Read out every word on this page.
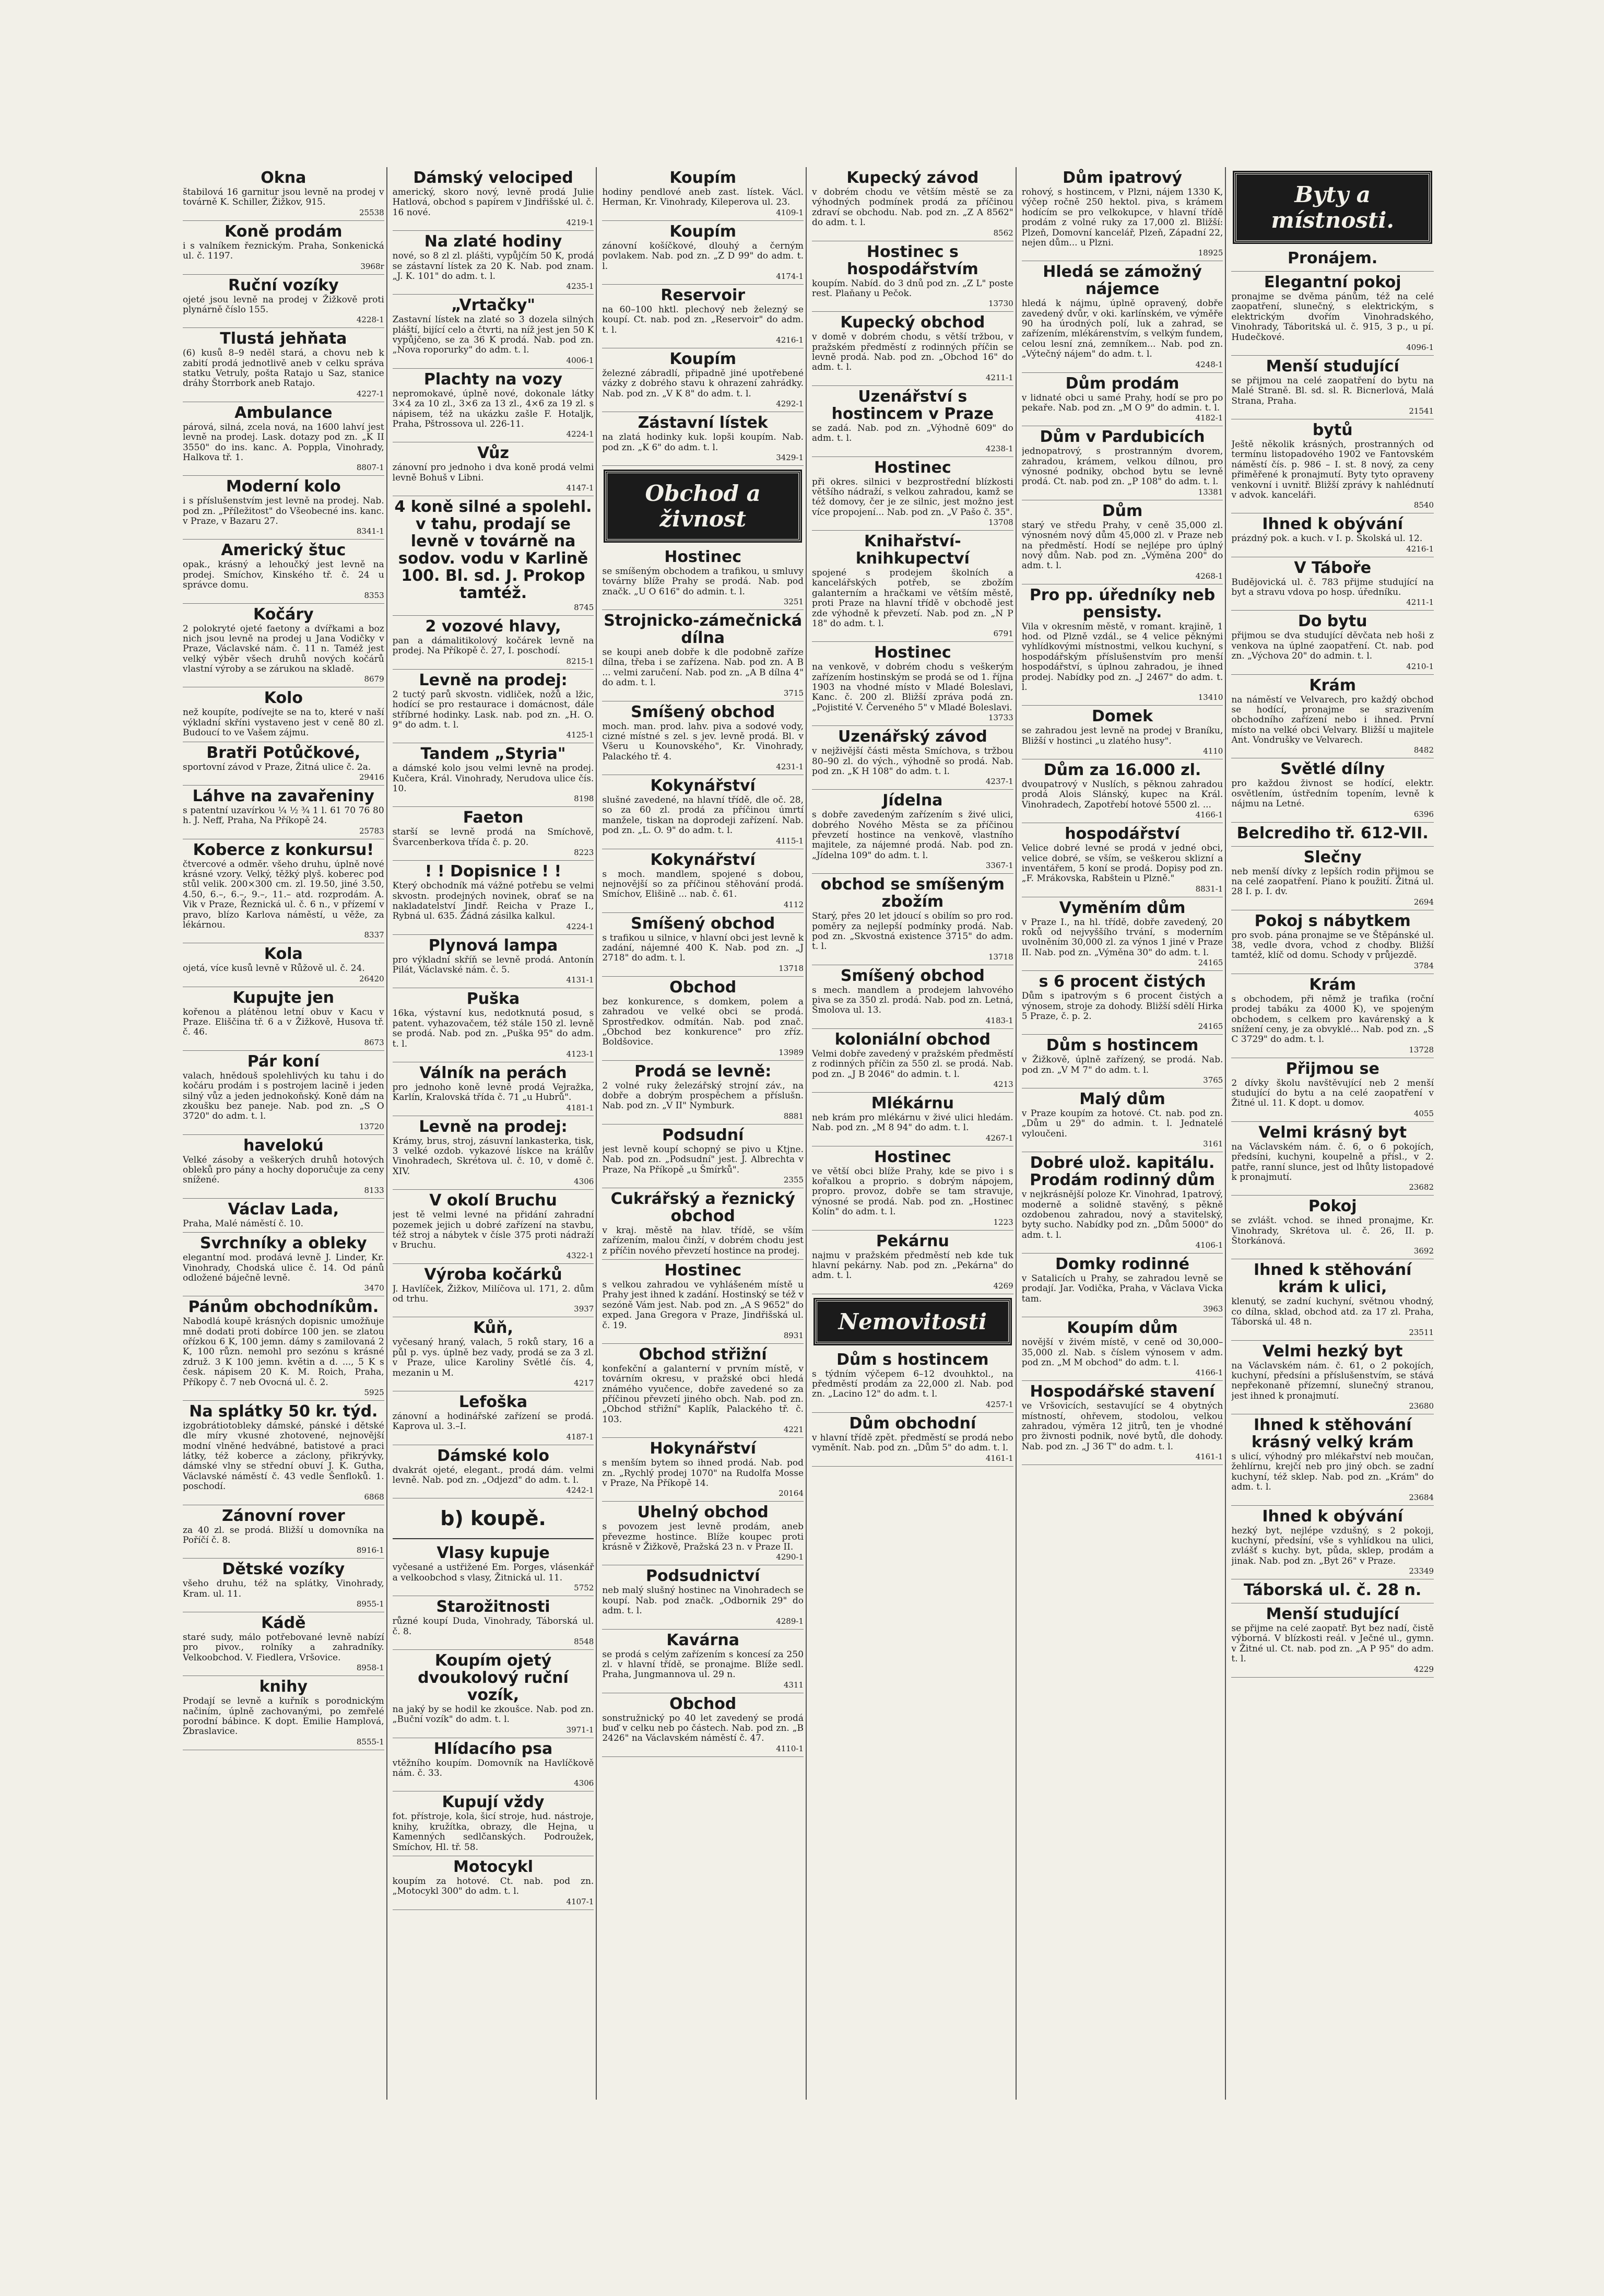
Okna

štabilová 16 garnitur jsou levně na prodej v továrně K. Schiller, Žižkov, 915.

25538

Koně prodám

i s valníkem řeznickým. Praha, Sonkenická ul. č. 1197.

3968r

Ruční vozíky

ojeté jsou levně na prodej v Žižkově proti plynárně číslo 155.

4228-1

Tlustá jehňata

(6) kusů 8–9 neděl stará, a chovu neb k zabití prodá jednotlivě aneb v celku správa statku Vetruly, pošta Ratajo u Saz, stanice dráhy Štorrbork aneb Ratajo.

4227-1

Ambulance

párová, silná, zcela nová, na 1600 lahví jest levně na prodej. Lask. dotazy pod zn. „K II 3550" do ins. kanc. A. Poppla, Vinohrady, Halkova tř. 1.

8807-1

Moderní kolo

i s příslušenstvím jest levně na prodej. Nab. pod zn. „Příležitost" do Všeobecné ins. kanc. v Praze, v Bazaru 27.

8341-1

Americký štuc

opak., krásný a lehoučký jest levně na prodej. Smíchov, Kinského tř. č. 24 u správce domu.

8353

Kočáry

2 polokryté ojeté faetony a dvířkami a boz nich jsou levně na prodej u Jana Vodičky v Praze, Václavské nám. č. 11 n. Taméž jest velký výběr všech druhů nových kočárů vlastní výroby a se zárukou na skladě.

8679

Kolo

než koupíte, podívejte se na to, které v naší výkladní skříni vystaveno jest v ceně 80 zl. Budoucí to ve Vašem zájmu.

Bratři Potůčkové,

sportovní závod v Praze, Žitná ulice č. 2a.

29416

Láhve na zavařeniny

s patentní uzavírkou ¼ ½ ¾ 1 l. 61 70 76 80 h. J. Neff, Praha, Na Příkopě 24.

25783

Koberce z konkursu!

čtvercové a odměr. všeho druhu, úplně nové krásné vzory. Velký, těžký plyš. koberec pod stůl velik. 200×300 cm. zl. 19.50, jiné 3.50, 4.50, 6.–, 6.–, 9.–, 11.– atd. rozprodám. A. Vik v Praze, Řeznická ul. č. 6 n., v přízemí v pravo, blízo Karlova náměstí, u věže, za lékárnou.

8337

Kola

ojetá, více kusů levně v Růžově ul. č. 24.

26420

Kupujte jen

kořenou a plátěnou letní obuv v Kacu v Praze. Eliščina tř. 6 a v Žižkově, Husova tř. č. 46.

8673

Pár koní

valach, hnědouš spolehlivých ku tahu i do kočáru prodám i s postrojem lacině i jeden silný vůz a jeden jednokoňský. Koně dám na zkoušku bez paneje. Nab. pod zn. „S O 3720" do adm. t. l.

13720

havelokú

Velké zásoby a veškerých druhů hotových obleků pro pány a hochy doporučuje za ceny snížené.

8133

Václav Lada,

Praha, Malé náměstí č. 10.

Svrchníky a obleky

elegantní mod. prodává levně J. Linder, Kr. Vinohrady, Chodská ulice č. 14. Od pánů odložené báječně levně.

3470

Pánům obchodníkům.

Nabodlá koupě krásných dopisnic umožňuje mně dodati proti dobírce 100 jen. se zlatou ořízkou 6 K, 100 jemn. dámy s zamilovaná 2 K, 100 různ. nemohl pro sezónu s krásné združ. 3 K 100 jemn. květin a d. ..., 5 K s česk. nápisem 20 K. M. Roich, Praha, Příkopy č. 7 neb Ovocná ul. č. 2.

5925

Na splátky 50 kr. týd.

izgobrátiotobleky dámské, pánské i dětské dle míry vkusné zhotovené, nejnovější modní vlněné hedvábné, batistové a praci látky, též koberce a záclony, přikrývky, dámské vlny se střední obuví J. K. Gutha, Václavské náměstí č. 43 vedle Šenfloků. 1. poschodí.

6868

Zánovní rover

za 40 zl. se prodá. Bližší u domovníka na Poříčí č. 8.

8916-1

Dětské vozíky

všeho druhu, též na splátky, Vinohrady, Kram. ul. 11.

8955-1

Kádě

staré sudy, málo potřebované levně nabízí pro pivov., rolníky a zahradníky. Velkoobchod. V. Fiedlera, Vršovice.

8958-1

knihy

Prodají se levně a kuřník s porodnickým načiním, úplně zachovanými, po zemřelé porodní bábince. K dopt. Emilie Hamplová, Zbraslavice.

8555-1

Dámský velociped

americký, skoro nový, levně prodá Julie Hatlová, obchod s papírem v Jindřišské ul. č. 16 nové.

4219-1

Na zlaté hodiny

nové, so 8 zl zl. plášti, vypůjčím 50 K, prodá se zástavní lístek za 20 K. Nab. pod znam. „J. K. 101" do adm. t. l.

4235-1

„Vrtačky"

Zastavní lístek na zlaté so 3 dozela silných pláští, bijící celo a čtvrti, na níž jest jen 50 K vypůjčeno, se za 36 K prodá. Nab. pod zn. „Nova roporurky" do adm. t. l.

4006-1

Plachty na vozy

nepromokavé, úplně nové, dokonale látky 3×4 za 10 zl., 3×6 za 13 zl., 4×6 za 19 zl. s nápisem, též na ukázku zašle F. Hotaljk, Praha, Pštrossova ul. 226-11.

4224-1

Vůz

zánovní pro jednoho i dva koně prodá velmi levně Bohuš v Libni.

4147-1

4 koně silné a spolehl. v tahu, prodají se levně v továrně na sodov. vodu v Karlině 100. Bl. sd. J. Prokop tamtéž.

8745

2 vozové hlavy,

pan a dámalitikolový kočárek levně na prodej. Na Příkopě č. 27, I. poschodí.

8215-1

Levně na prodej:

2 tuctý parů skvostn. vidliček, nožů a lžic, hodící se pro restaurace i domácnost, dále stříbrné hodinky. Lask. nab. pod zn. „H. O. 9" do adm. t. l.

4125-1

Tandem „Styria"

a dámské kolo jsou velmi levně na prodej. Kučera, Král. Vinohrady, Nerudova ulice čís. 10.

8198

Faeton

starší se levně prodá na Smíchově, Švarcenberkova třída č. p. 20.

8223

! ! Dopisnice ! !

Který obchodník má vážné potřebu se velmi skvostn. prodejných novinek, obrať se na nakladatelství Jindř. Reicha v Praze I., Rybná ul. 635. Žádná zásilka kalkul.

4224-1

Plynová lampa

pro výkladní skříň se levně prodá. Antonín Pilát, Václavské nám. č. 5.

4131-1

Puška

16ka, výstavní kus, nedotknutá posud, s patent. vyhazovačem, též stále 150 zl. levně se prodá. Nab. pod zn. „Puška 95" do adm. t. l.

4123-1

Válník na perách

pro jednoho koně levně prodá Vejražka, Karlín, Kralovská třída č. 71 „u Hubrů".

4181-1

Levně na prodej:

Krámy, brus, stroj, zásuvní lankasterka, tisk, 3 velké ozdob. vykazové lískce na králův Vinohradech, Skrétova ul. č. 10, v domě č. XIV.

4306

V okolí Bruchu

jest tě velmi levné na přidání zahradní pozemek jejich u dobré zařízení na stavbu, též stroj a nábytek v čísle 375 proti nádraží v Bruchu.

4322-1

Výroba kočárků

J. Havlíček, Žižkov, Milíčova ul. 171, 2. dům od trhu.

3937

Kůň,

vyčesaný hraný, valach, 5 roků stary, 16 a půl p. vys. úplně bez vady, prodá se za 3 zl. v Praze, ulice Karoliny Světlé čís. 4, mezanin u M.

4217

Lefoška

zánovní a hodinářské zařízení se prodá. Kaprova ul. 3.–I.

4187-1

Dámské kolo

dvakrát ojeté, elegant., prodá dám. velmi levně. Nab. pod zn. „Odjezd" do adm. t. l.

4242-1

b) koupě.

Vlasy kupuje

vyčesané a ustřižené Em. Porges, vlásenkář a velkoobchod s vlasy, Žitnická ul. 11.

5752

Starožitnosti

různé koupí Duda, Vinohrady, Táborská ul. č. 8.

8548

Koupím ojetý dvoukolový ruční vozík,

na jaký by se hodil ke zkoušce. Nab. pod zn. „Buční vozík" do adm. t. l.

3971-1

Hlídacího psa

vtěžního koupím. Domovník na Havlíčkově nám. č. 33.

4306

Kupují vždy

fot. přístroje, kola, šicí stroje, hud. nástroje, knihy, kružítka, obrazy, dle Hejna, u Kamenných sedlčanských. Podroužek, Smíchov, Hl. tř. 58.

Motocykl

koupím za hotové. Ct. nab. pod zn. „Motocykl 300" do adm. t. l.

4107-1

Koupím

hodiny pendlové aneb zast. lístek. Václ. Herman, Kr. Vinohrady, Kileperova ul. 23.

4109-1

Koupím

zánovní košíčkové, dlouhý a černým povlakem. Nab. pod zn. „Z D 99" do adm. t. l.

4174-1

Reservoir

na 60–100 hktl. plechový neb železný se koupí. Ct. nab. pod zn. „Reservoir" do adm. t. l.

4216-1

Koupím

železné zábradlí, připadně jiné upotřebené vázky z dobrého stavu k ohrazení zahrádky. Nab. pod zn. „V K 8" do adm. t. l.

4292-1

Zástavní lístek

na zlatá hodinky kuk. lopši koupím. Nab. pod zn. „K 6" do adm. t. l.

3429-1

Obchod a živnost

Hostinec

se smíšeným obchodem a trafikou, u smluvy továrny blíže Prahy se prodá. Nab. pod značk. „U O 616" do admin. t. l.

3251

Strojnicko-zámečnická dílna

se koupi aneb dobře k dle podobně zaříze dílna, třeba i se zařízena. Nab. pod zn. A B ... velmi zaručení. Nab. pod zn. „A B dílna 4" do adm. t. l.

3715

Smíšený obchod

moch. man. prod. lahv. piva a sodové vody, cizné místné s zel. s jev. levně prodá. Bl. v Všeru u Kounovského", Kr. Vinohrady, Palackého tř. 4.

4231-1

Kokynářství

slušné zavedené, na hlavní třídě, dle oč. 28, so za 60 zl. prodá za příčinou úmrtí manžele, tiskan na doprodeji zařízení. Nab. pod zn. „L. O. 9" do adm. t. l.

4115-1

Kokynářství

s moch. mandlem, spojené s dobou, nejnovější so za příčinou stěhování prodá. Smíchov, Elišině ... nab. č. 61.

4112

Smíšený obchod

s trafikou u silnice, v hlavní obci jest levně k zadání, nájemné 400 K. Nab. pod zn. „J 2718" do adm. t. l.

13718

Obchod

bez konkurence, s domkem, polem a zahradou ve velké obci se prodá. Sprostředkov. odmítán. Nab. pod znač. „Obchod bez konkurence" pro zříz. Boldšovice.

13989

Prodá se levně:

2 volné ruky železářský strojní záv., na dobře a dobrým prospěchem a příslušn. Nab. pod zn. „V II" Nymburk.

8881

Podsudní

jest levně koupí schopný se pivo u Ktjne. Nab. pod zn. „Podsudní" jest. J. Albrechta v Praze, Na Příkopě „u Šmírků".

2355

Cukrářský a řeznický obchod

v kraj. městě na hlav. třídě, se vším zařízením, malou činží, v dobrém chodu jest z příčin nového převzetí hostince na prodej.

Hostinec

s velkou zahradou ve vyhlášeném místě u Prahy jest ihned k zadání. Hostinský se též v sezóně Vám jest. Nab. pod zn. „A S 9652" do exped. Jana Gregora v Praze, Jindřišská ul. č. 19.

8931

Obchod střižní

konfekční a galanterní v prvním místě, v továrním okresu, v pražské obci hledá známého vyučence, dobře zavedené so za příčinou převzetí jiného obch. Nab. pod zn. „Obchod střižní" Kaplík, Palackého tř. č. 103.

4221

Hokynářství

s menším bytem so ihned prodá. Nab. pod zn. „Rychlý prodej 1070" na Rudolfa Mosse v Praze, Na Příkopě 14.

20164

Uhelný obchod

s povozem jest levně prodám, aneb převezme hostince. Blíže koupec proti krásně v Žižkově, Pražská 23 n. v Praze II.

4290-1

Podsudnictví

neb malý slušný hostinec na Vinohradech se koupí. Nab. pod značk. „Odbornik 29" do adm. t. l.

4289-1

Kavárna

se prodá s celým zařízením s koncesí za 250 zl. v hlavní třídě, se pronajme. Blíže sedl. Praha, Jungmannova ul. 29 n.

4311

Obchod

sonstružnický po 40 let zavedený se prodá buď v celku neb po částech. Nab. pod zn. „B 2426" na Václavském náměstí č. 47.

4110-1

Kupecký závod

v dobrém chodu ve větším městě se za výhodných podmínek prodá za příčinou zdraví se obchodu. Nab. pod zn. „Z A 8562" do adm. t. l.

8562

Hostinec s hospodářstvím

koupím. Nabíd. do 3 dnů pod zn. „Z L" poste rest. Plaňany u Pečok.

13730

Kupecký obchod

v domě v dobrém chodu, s větší tržbou, v pražském předměstí z rodinných příčin se levně prodá. Nab. pod zn. „Obchod 16" do adm. t. l.

4211-1

Uzenářství s hostincem v Praze

se zadá. Nab. pod zn. „Výhodně 609" do adm. t. l.

4238-1

Hostinec

při okres. silnici v bezprostřední blízkosti většího nádraží, s velkou zahradou, kamž se též domovy, čer je ze silnic, jest možno jest více propojení... Nab. pod zn. „V Pašo č. 35".

13708

Knihařství-knihkupectví

spojené s prodejem školních a kancelářských potřeb, se zbožím galanterním a hračkami ve větším městě, proti Praze na hlavní třídě v obchodě jest zde výhodně k převzetí. Nab. pod zn. „N P 18" do adm. t. l.

6791

Hostinec

na venkově, v dobrém chodu s veškerým zařízením hostinským se prodá se od 1. října 1903 na vhodné místo v Mladé Boleslavi, Kanc. č. 200 zl. Bližší zpráva podá zn. „Pojistité V. Červeného 5" v Mladé Boleslavi.

13733

Uzenářský závod

v nejživější části města Smíchova, s tržbou 80–90 zl. do vých., výhodně so prodá. Nab. pod zn. „K H 108" do adm. t. l.

4237-1

Jídelna

s dobře zavedeným zařízením s živé ulici, dobrého Nového Města se za příčinou převzetí hostince na venkově, vlastního majitele, za nájemné prodá. Nab. pod zn. „Jídelna 109" do adm. t. l.

3367-1

obchod se smíšeným zbožím

Starý, přes 20 let jdoucí s obilím so pro rod. poměry za nejlepší podmínky prodá. Nab. pod zn. „Skvostná existence 3715" do adm. t. l.

13718

Smíšený obchod

s mech. mandlem a prodejem lahvového piva se za 350 zl. prodá. Nab. pod zn. Letná, Šmolova ul. 13.

4183-1

koloniální obchod

Velmi dobře zavedený v pražském předměstí z rodinných příčin za 550 zl. se prodá. Nab. pod zn. „J B 2046" do admin. t. l.

4213

Mlékárnu

neb krám pro mlékárnu v živé ulici hledám. Nab. pod zn. „M 8 94" do adm. t. l.

4267-1

Hostinec

ve větší obci blíže Prahy, kde se pivo i s kořalkou a proprio. s dobrým nápojem, propro. provoz, dobře se tam stravuje, výnosné se prodá. Nab. pod zn. „Hostinec Kolín" do adm. t. l.

1223

Pekárnu

najmu v pražském předměstí neb kde tuk hlavní pekárny. Nab. pod zn. „Pekárna" do adm. t. l.

4269

Nemovitosti

Dům s hostincem

s týdním výčepem 6–12 dvouhktol., na předměstí prodám za 22,000 zl. Nab. pod zn. „Lacino 12" do adm. t. l.

4257-1

Dům obchodní

v hlavní třídě zpět. předměstí se prodá nebo vyměnít. Nab. pod zn. „Dům 5" do adm. t. l.

4161-1

Dům ipatrový

rohový, s hostincem, v Plzni, nájem 1330 K, výčep ročně 250 hektol. piva, s krámem hodícím se pro velkokupce, v hlavní třídě prodám z volné ruky za 17,000 zl. Bližší: Plzeň, Domovní kancelář, Plzeň, Západní 22, nejen dům... u Plzni.

18925

Hledá se zámožný nájemce

hledá k nájmu, úplně opravený, dobře zavedený dvůr, v oki. karlínském, ve výměře 90 ha úrodných polí, luk a zahrad, se zařízením, mlékárenstvím, s velkým fundem, celou lesní zná, zemníkem... Nab. pod zn. „Výtečný nájem" do adm. t. l.

4248-1

Dům prodám

v lidnaté obci u samé Prahy, hodí se pro po pekaře. Nab. pod zn. „M O 9" do admin. t. l.

4182-1

Dům v Pardubicích

jednopatrový, s prostranným dvorem, zahradou, krámem, velkou dílnou, pro výnosné podniky, obchod bytu se levně prodá. Ct. nab. pod zn. „P 108" do adm. t. l.

13381

Dům

starý ve středu Prahy, v ceně 35,000 zl. výnosném nový dům 45,000 zl. v Praze neb na předměstí. Hodí se nejlépe pro úplný nový dům. Nab. pod zn. „Výměna 200" do adm. t. l.

4268-1

Pro pp. úředníky neb pensisty.

Vila v okresním městě, v romant. krajině, 1 hod. od Plzně vzdál., se 4 velice pěknými vyhlídkovými místnostmi, velkou kuchyní, s hospodářským příslušenstvím pro menší hospodářství, s úplnou zahradou, je ihned prodej. Nabídky pod zn. „J 2467" do adm. t. l.

13410

Domek

se zahradou jest levně na prodej v Braníku, Bližší v hostinci „u zlatého husy".

4110

Dům za 16.000 zl.

dvoupatrový v Nuslích, s pěknou zahradou prodá Alois Slánský, kupec na Král. Vinohradech, Zapotřebí hotové 5500 zl. ...

4166-1

hospodářství

Velice dobré levné se prodá v jedné obci, velice dobré, se vším, se veškerou sklizní a inventářem, 5 koní se prodá. Dopisy pod zn. „F. Mrákovska, Rabštein u Plzně."

8831-1

Vyměním dům

v Praze I., na hl. třídě, dobře zavedený, 20 roků od nejvyššího trvání, s moderním uvolněním 30,000 zl. za výnos 1 jiné v Praze II. Nab. pod zn. „Výměna 30" do adm. t. l.

24165

s 6 procent čistých

Dům s ipatrovým s 6 procent čistých a výnosem, stroje za dohody. Bližší sdělí Hirka 5 Praze, č. p. 2.

24165

Dům s hostincem

v Žižkově, úplně zařízený, se prodá. Nab. pod zn. „V M 7" do adm. t. l.

3765

Malý dům

v Praze koupím za hotové. Ct. nab. pod zn. „Dům u 29" do admin. t. l. Jednatelé vyloučeni.

3161

Dobré ulož. kapitálu. Prodám rodinný dům

v nejkrásnější poloze Kr. Vinohrad, 1patrový, moderně a solidně stavěný, s pěkně ozdobenou zahradou, nový a stavitelský, byty sucho. Nabídky pod zn. „Dům 5000" do adm. t. l.

4106-1

Domky rodinné

v Satalicích u Prahy, se zahradou levně se prodají. Jar. Vodička, Praha, v Václava Vicka tam.

3963

Koupím dům

novější v živém místě, v ceně od 30,000–35,000 zl. Nab. s číslem výnosem v adm. pod zn. „M M obchod" do adm. t. l.

4166-1

Hospodářské stavení

ve Vršovicích, sestavující se 4 obytných místností, ohřevem, stodolou, velkou zahradou, výměra 12 jitrů, ten je vhodné pro živnosti podnik, nové bytů, dle dohody. Nab. pod zn. „J 36 T" do adm. t. l.

4161-1

Byty a místnosti.

Pronájem.

Elegantní pokoj

pronajme se dvěma pánům, též na celé zaopatření, slunečný, s elektrickým, s elektrickým dvořím Vinohradského, Vinohrady, Táboritská ul. č. 915, 3 p., u pí. Hudečkové.

4096-1

Menší studující

se přijmou na celé zaopatření do bytu na Malé Straně. Bl. sd. sl. R. Bicnerlová, Malá Strana, Praha.

21541

bytů

Ještě několik krásných, prostranných od termínu listopadového 1902 ve Fantovském náměstí čís. p. 986 – I. st. 8 nový, za ceny přiměřené k pronajmutí. Byty tyto opraveny venkovní i uvnitř. Bližší zprávy k nahlédnutí v advok. kanceláři.

8540

Ihned k obývání

prázdný pok. a kuch. v I. p. Školská ul. 12.

4216-1

V Táboře

Budějovická ul. č. 783 přijme studující na byt a stravu vdova po hosp. úředníku.

4211-1

Do bytu

přijmou se dva studující děvčata neb hoši z venkova na úplné zaopatření. Ct. nab. pod zn. „Výchova 20" do admin. t. l.

4210-1

Krám

na náměstí ve Velvarech, pro každý obchod se hodící, pronajme se srazivením obchodního zařízení nebo i ihned. První místo na velké obci Velvary. Bližší u majitele Ant. Vondrušky ve Velvarech.

8482

Světlé dílny

pro každou živnost se hodící, elektr. osvětlením, ústředním topením, levně k nájmu na Letné.

6396

Belcrediho tř. 612-VII.

Slečny

neb menší dívky z lepších rodin přijmou se na celé zaopatření. Piano k použití. Žitná ul. 28 I. p. I. dv.

2694

Pokoj s nábytkem

pro svob. pána pronajme se ve Štěpánské ul. 38, vedle dvora, vchod z chodby. Bližší tamtéž, klíč od domu. Schody v průjezdě.

3784

Krám

s obchodem, při němž je trafika (roční prodej tabáku za 4000 K), ve spojeným obchodem, s celkem pro kavárenský a k snížení ceny, je za obvyklé... Nab. pod zn. „S C 3729" do adm. t. l.

13728

Přijmou se

2 dívky školu navštěvující neb 2 menší studující do bytu a na celé zaopatření v Žitné ul. 11. K dopt. u domov.

4055

Velmi krásný byt

na Václavském nám. č. 6, o 6 pokojích, předsíni, kuchyni, koupelně a přísl., v 2. patře, ranní slunce, jest od lhůty listopadové k pronajmutí.

23682

Pokoj

se zvlášt. vchod. se ihned pronajme, Kr. Vinohrady, Skrétova ul. č. 26, II. p. Štorkánová.

3692

Ihned k stěhování krám k ulici,

klenutý, se zadní kuchyní, světnou vhodný, co dílna, sklad, obchod atd. za 17 zl. Praha, Táborská ul. 48 n.

23511

Velmi hezký byt

na Václavském nám. č. 61, o 2 pokojích, kuchyní, předsíni a příslušenstvím, se stává nepřekonaně přízemní, slunečný stranou, jest ihned k pronajmutí.

23680

Ihned k stěhování krásný velký krám

s ulicí, výhodný pro mlékařství neb moučan, žehlírnu, krejčí neb pro jiný obch. se zadní kuchyní, též sklep. Nab. pod zn. „Krám" do adm. t. l.

23684

Ihned k obývání

hezký byt, nejlépe vzdušný, s 2 pokoji, kuchyní, předsíní, vše s vyhlídkou na ulici, zvlášť s kuchy. byt, půda, sklep, prodám a jinak. Nab. pod zn. „Byt 26" v Praze.

23349

Táborská ul. č. 28 n.

Menší studující

se přijme na celé zaopatř. Byt bez nadí, čistě výborná. V blízkosti reál. v Ječné ul., gymn. v Žitné ul. Ct. nab. pod zn. „A P 95" do adm. t. l.

4229
